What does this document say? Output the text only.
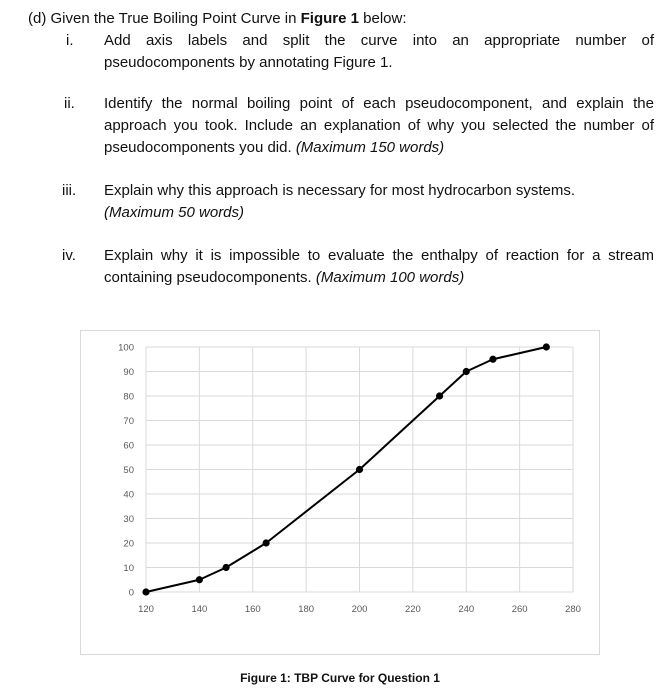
(d) Given the True Boiling Point Curve in Figure 1 below:
i.	Add axis labels and split the curve into an appropriate number of pseudocomponents by annotating Figure 1.
ii.	Identify the normal boiling point of each pseudocomponent, and explain the approach you took. Include an explanation of why you selected the number of pseudocomponents you did. (Maximum 150 words)
iii.	Explain why this approach is necessary for most hydrocarbon systems.
(Maximum 50 words)
iv.	Explain why it is impossible to evaluate the enthalpy of reaction for a stream containing pseudocomponents. (Maximum 100 words)
0
10
20
30
40
50
60
70
80
90
100
120	140	160	180	200	220	240	260	280
Figure 1: TBP Curve for Question 1
